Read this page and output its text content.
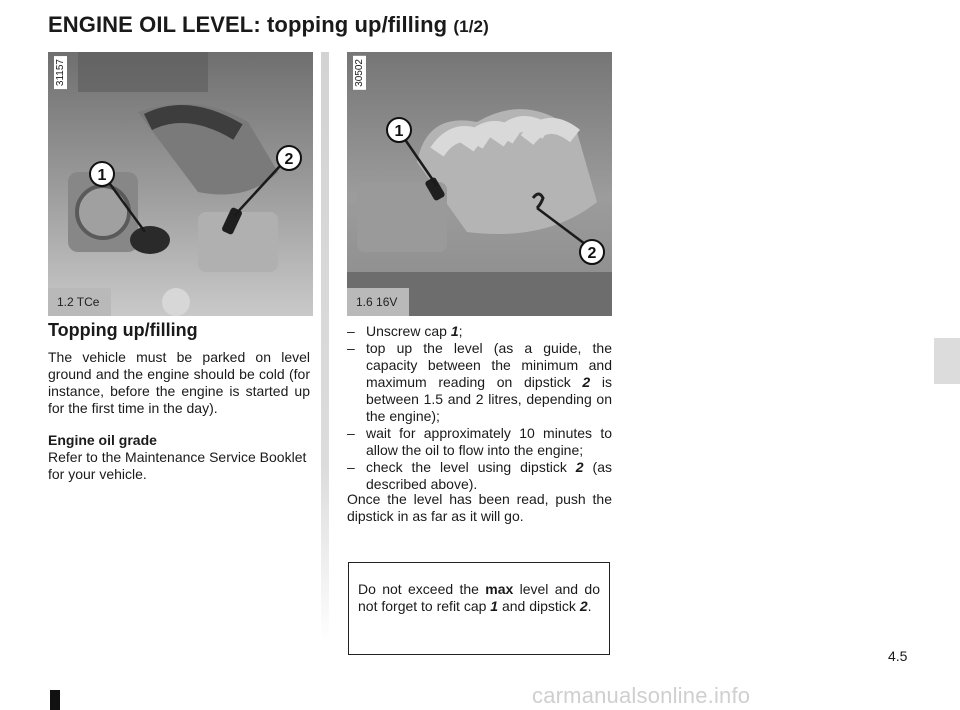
ENGINE OIL LEVEL: topping up/filling (1/2)
1
2
31157
1.2 TCe
1
2
30502
1.6 16V
Topping up/filling

The vehicle must be parked on level ground and the engine should be cold (for instance, before the engine is started up for the first time in the day).

Engine oil grade
Refer to the Maintenance Service Booklet for your vehicle.

– Unscrew cap 1;
– top up the level (as a guide, the capacity between the minimum and maximum reading on dipstick 2 is between 1.5 and 2 litres, depending on the engine);
– wait for approximately 10 minutes to allow the oil to flow into the engine;
– check the level using dipstick 2 (as described above).

Once the level has been read, push the dipstick in as far as it will go.

Do not exceed the max level and do not forget to refit cap 1 and dipstick 2.
4.5
carmanualsonline.info
